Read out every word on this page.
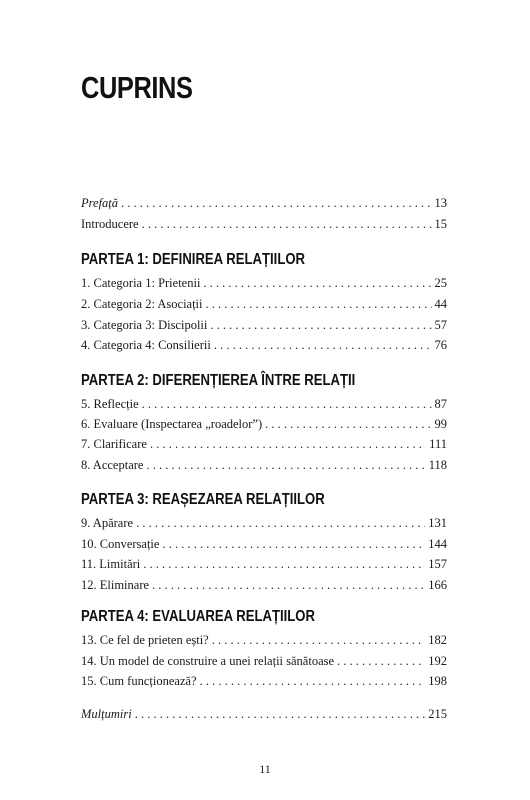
CUPRINS
Prefață . . .	13
Introducere . . .	15
PARTEA 1: DEFINIREA RELAȚIILOR
1. Categoria 1: Prietenii . . .	25
2. Categoria 2: Asociații . . .	44
3. Categoria 3: Discipolii . . .	57
4. Categoria 4: Consilierii . . .	76
PARTEA 2: DIFERENȚIEREA ÎNTRE RELAȚII
5. Reflecție . . .	87
6. Evaluare (Inspectarea „roadelor”) . . .	99
7. Clarificare . . .	111
8. Acceptare . . .	118
PARTEA 3: REAȘEZAREA RELAȚIILOR
9. Apărare . . .	131
10. Conversație . . .	144
11. Limitări . . .	157
12. Eliminare . . .	166
PARTEA 4: EVALUAREA RELAȚIILOR
13. Ce fel de prieten ești? . . .	182
14. Un model de construire a unei relații sănătoase . . .	192
15. Cum funcționează? . . .	198
Mulțumiri . . .	215
11
